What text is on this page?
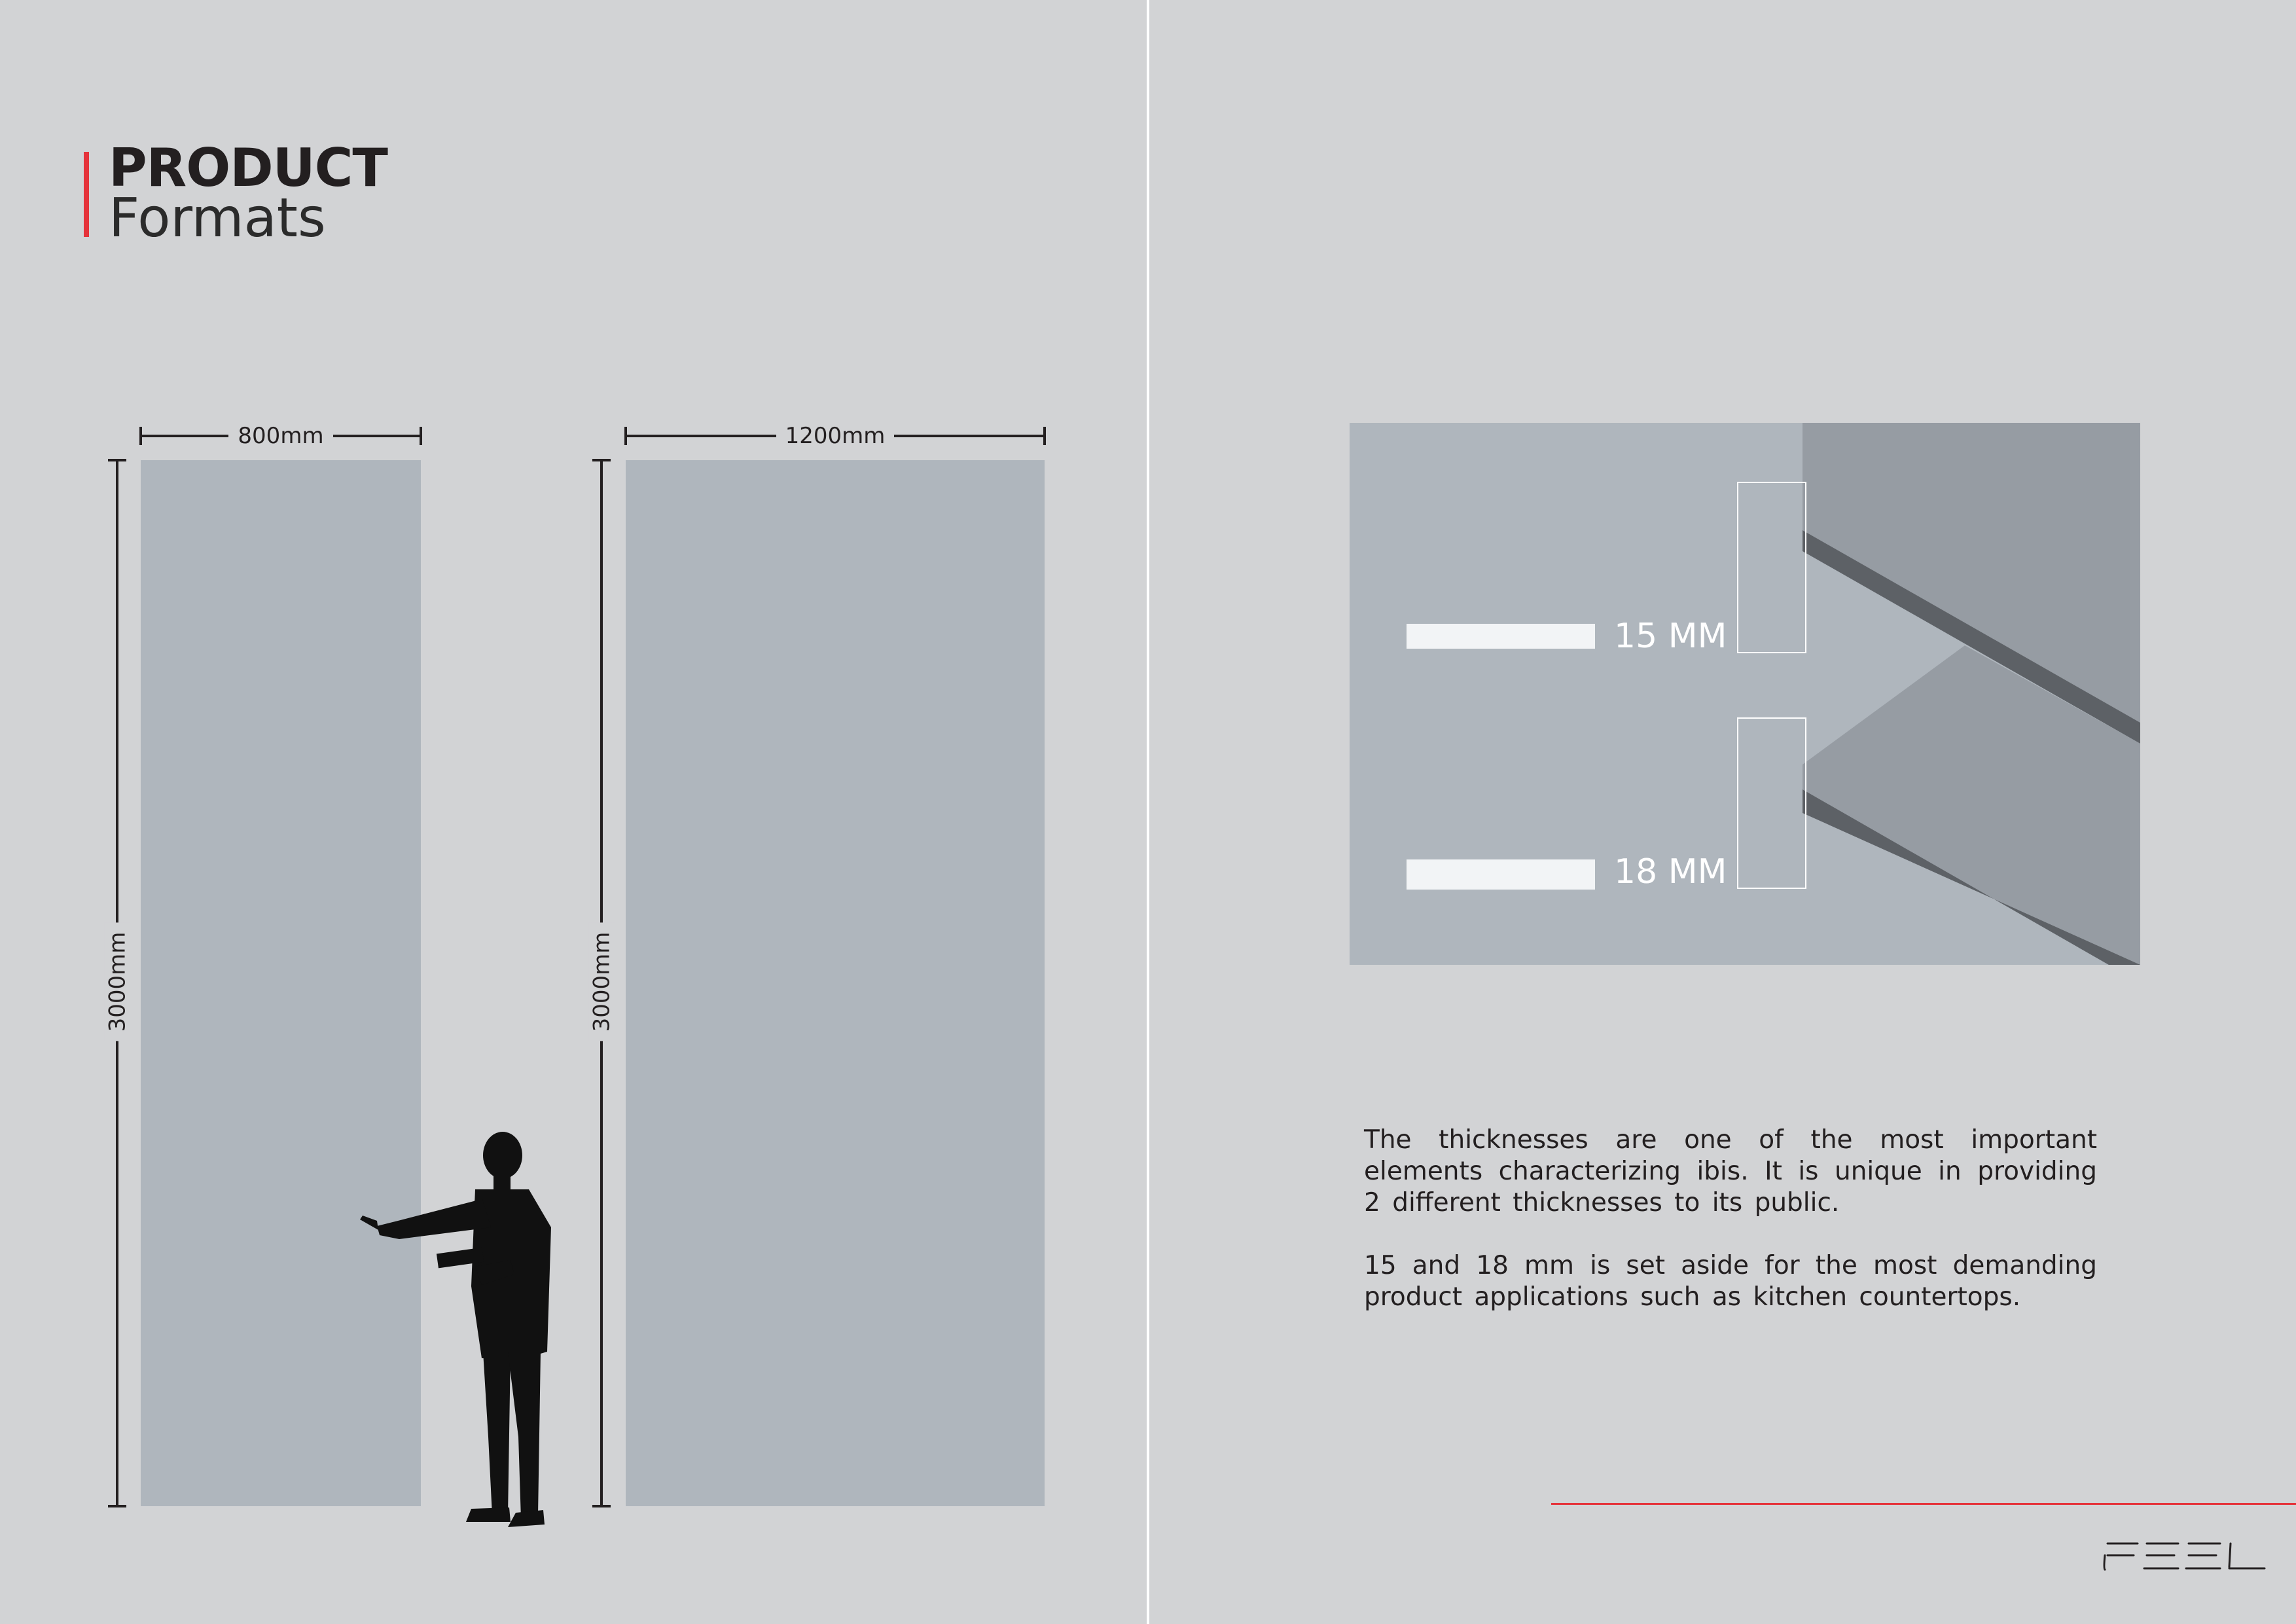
PRODUCT
Formats
800mm
3000mm
1200mm
3000mm
15 MM
18 MM

The thicknesses are one of the most important elements characterizing ibis. It is unique in providing 2 different thicknesses to its public.

15 and 18 mm is set aside for the most demanding product applications such as kitchen countertops.
